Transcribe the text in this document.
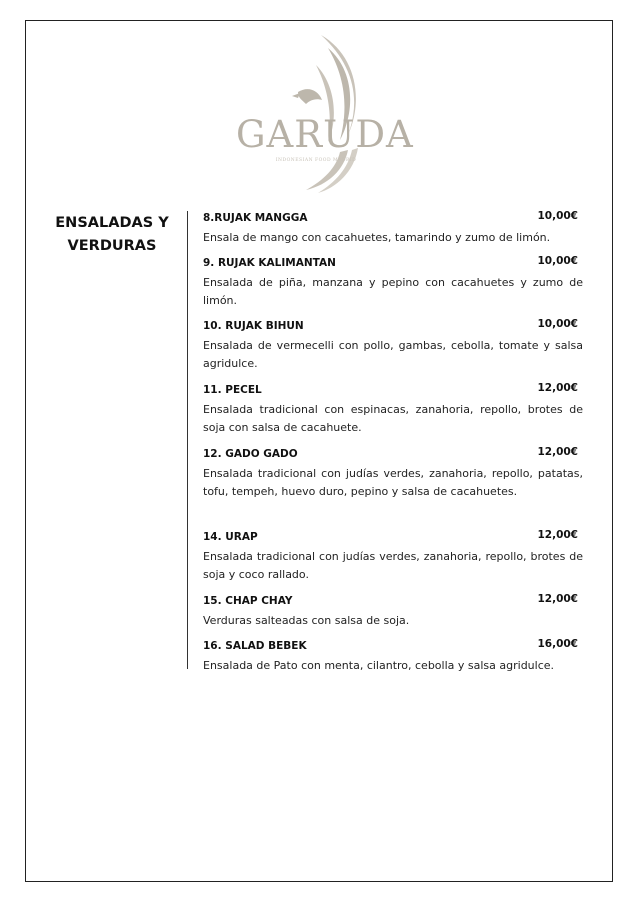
GARUDA
INDONESIAN FOOD MADRID
ENSALADAS Y
VERDURAS
8.RUJAK MANGGA	10,00€

Ensala de mango con cacahuetes, tamarindo y zumo de limón.

9. RUJAK KALIMANTAN	10,00€

Ensalada de piña, manzana y pepino con cacahuetes y zumo de limón.

10. RUJAK BIHUN	10,00€

Ensalada de vermecelli con pollo, gambas, cebolla, tomate y salsa agridulce.

11. PECEL	12,00€

Ensalada tradicional con espinacas, zanahoria, repollo, brotes de soja con salsa de cacahuete.

12. GADO GADO	12,00€

Ensalada tradicional con judías verdes, zanahoria, repollo, patatas, tofu, tempeh, huevo duro, pepino y salsa de cacahuetes.

14. URAP	12,00€

Ensalada tradicional con judías verdes, zanahoria, repollo, brotes de soja y coco rallado.

15. CHAP CHAY	12,00€

Verduras salteadas con salsa de soja.

16. SALAD BEBEK	16,00€

Ensalada de Pato con menta, cilantro, cebolla y salsa agridulce.
